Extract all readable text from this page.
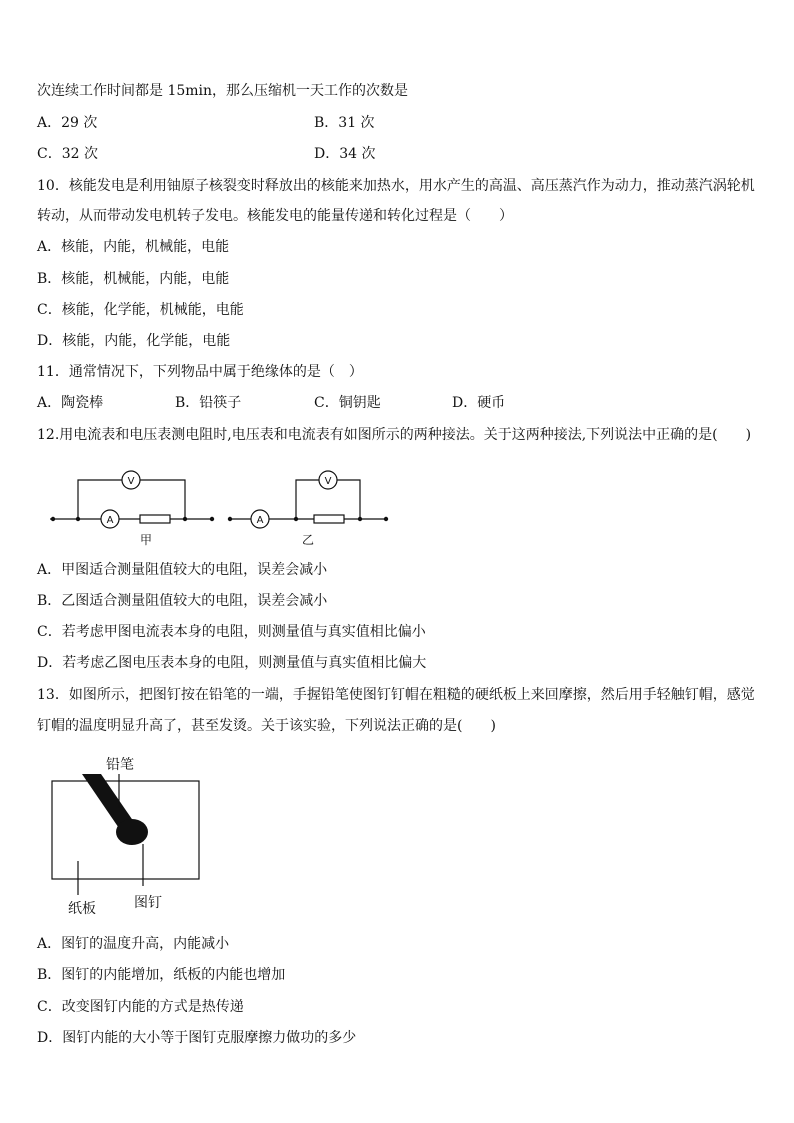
次连续工作时间都是 15min，那么压缩机一天工作的次数是
A．29 次	B．31 次
C．32 次	D．34 次
10．核能发电是利用铀原子核裂变时释放出的核能来加热水，用水产生的高温、高压蒸汽作为动力，推动蒸汽涡轮机
转动，从而带动发电机转子发电。核能发电的能量传递和转化过程是（　　）
A．核能，内能，机械能，电能
B．核能，机械能，内能，电能
C．核能，化学能，机械能，电能
D．核能，内能，化学能，电能
11．通常情况下，下列物品中属于绝缘体的是（　）
A．陶瓷棒	B．铅筷子	C．铜钥匙	D．硬币
12.用电流表和电压表测电阻时,电压表和电流表有如图所示的两种接法。关于这两种接法,下列说法中正确的是(　　)
V
A
甲
V
A
乙
A．甲图适合测量阻值较大的电阻，误差会减小
B．乙图适合测量阻值较大的电阻，误差会减小
C．若考虑甲图电流表本身的电阻，则测量值与真实值相比偏小
D．若考虑乙图电压表本身的电阻，则测量值与真实值相比偏大
13．如图所示，把图钉按在铅笔的一端，手握铅笔使图钉钉帽在粗糙的硬纸板上来回摩擦，然后用手轻触钉帽，感觉
钉帽的温度明显升高了，甚至发烫。关于该实验，下列说法正确的是(　　)
铅笔
纸板	图钉
A．图钉的温度升高，内能减小
B．图钉的内能增加，纸板的内能也增加
C．改变图钉内能的方式是热传递
D．图钉内能的大小等于图钉克服摩擦力做功的多少
